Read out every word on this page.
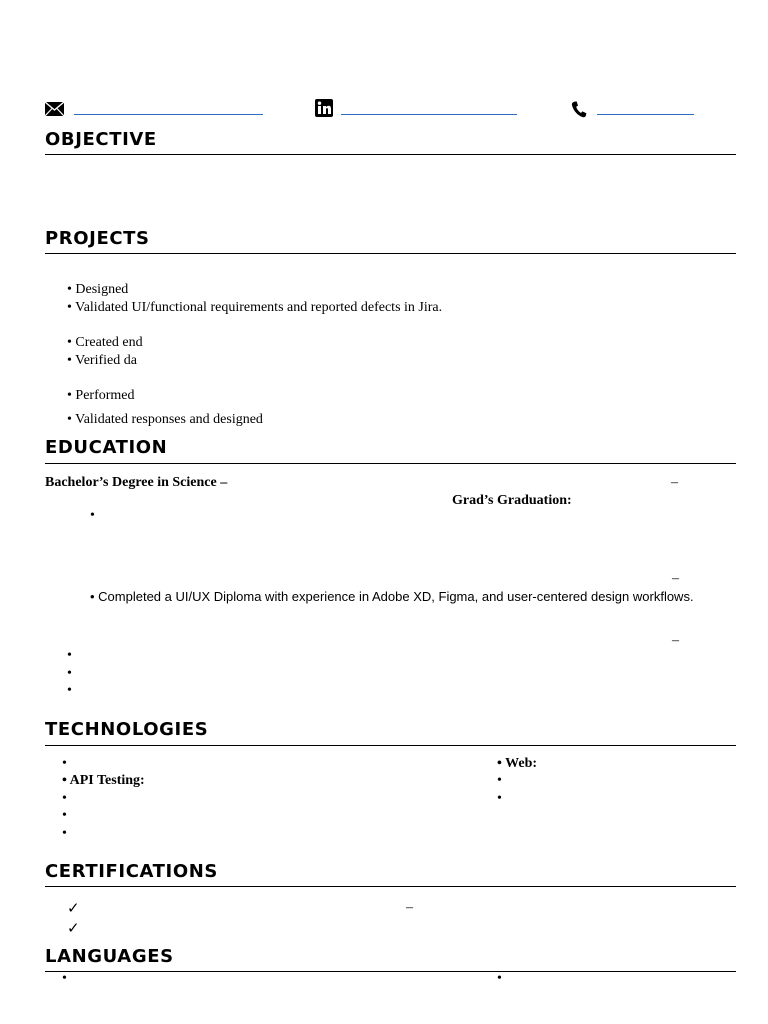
OBJECTIVE
PROJECTS
• Designed
• Validated UI/functional requirements and reported defects in Jira.
• Created end
• Verified da
• Performed
• Validated responses and designed
EDUCATION
Bachelor’s Degree in Science –	–
Grad’s Graduation:
•
–
• Completed a UI/UX Diploma with experience in Adobe XD, Figma, and user-centered design workflows.
–
•
•
•
TECHNOLOGIES
•
• API Testing:
•
•
•
• Web:
•
•
CERTIFICATIONS
✓
✓
–
LANGUAGES
•	•
